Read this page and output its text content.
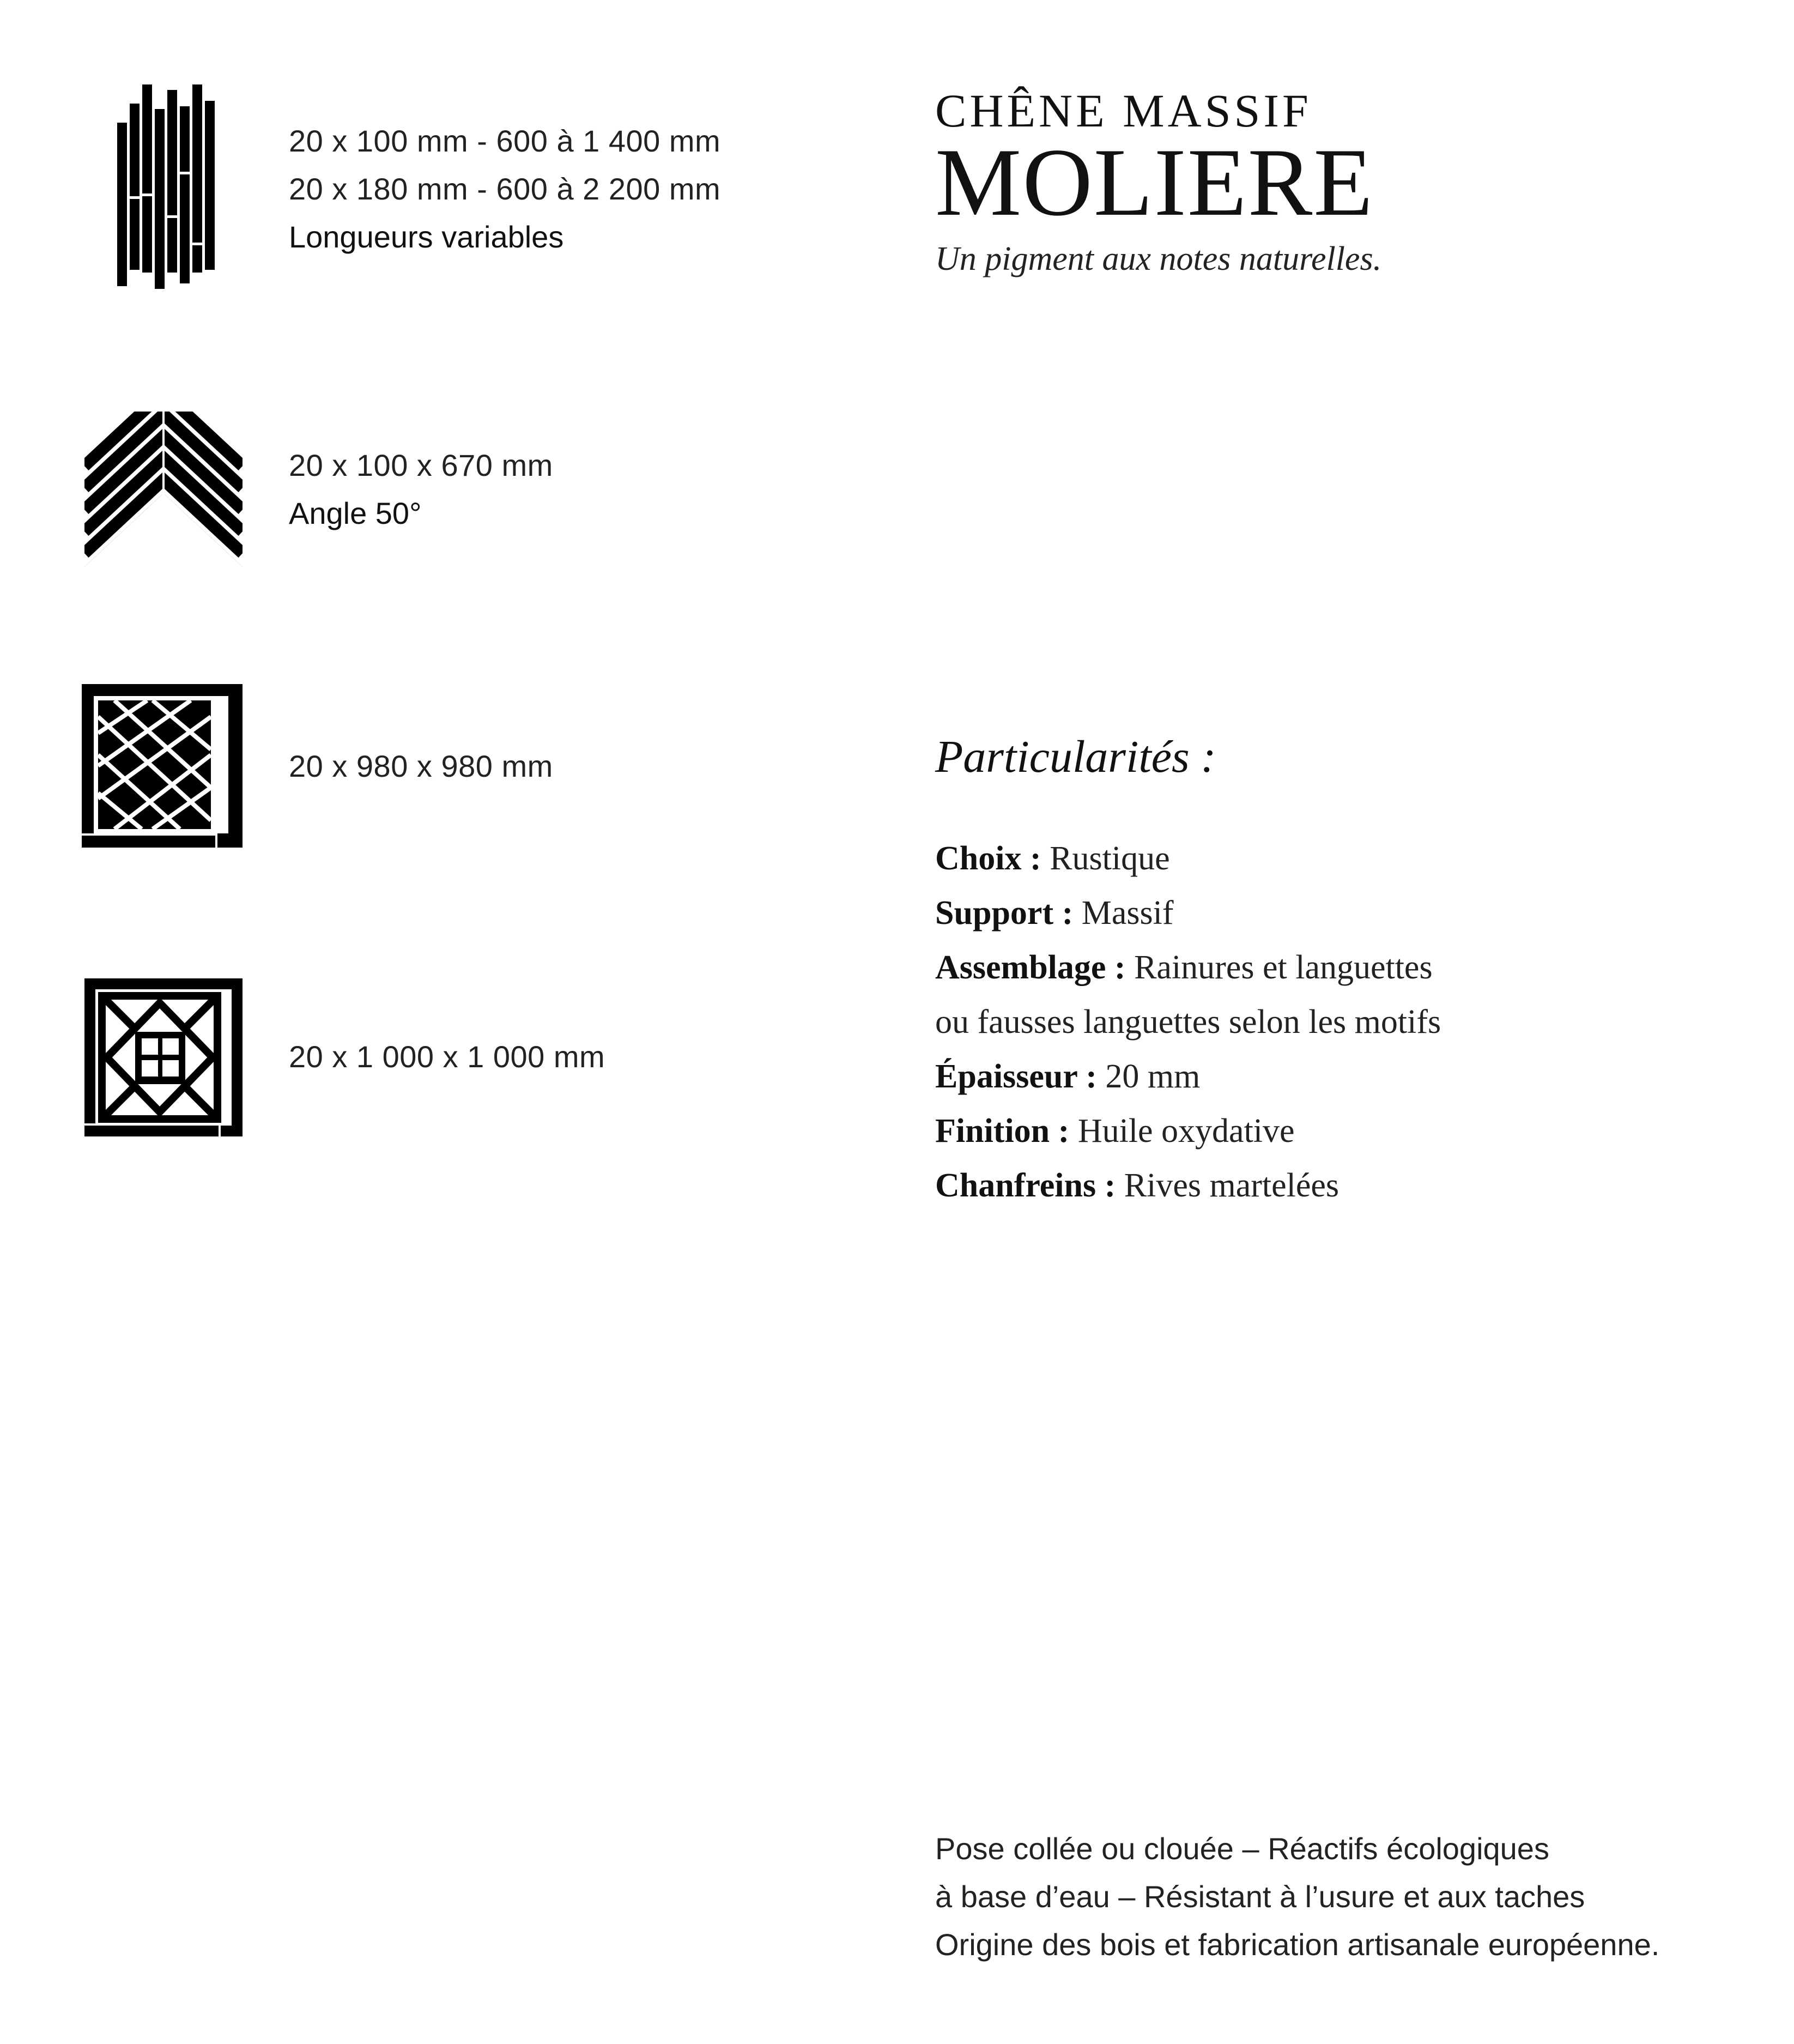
20 x 100 mm - 600 à 1 400 mm
20 x 180 mm - 600 à 2 200 mm
Longueurs variables
20 x 100 x 670 mm
Angle 50°
20 x 980 x 980 mm
20 x 1 000 x 1 000 mm
CHÊNE MASSIF
MOLIERE
Un pigment aux notes naturelles.
Particularités :
Choix : Rustique
Support : Massif
Assemblage : Rainures et languettes
ou fausses languettes selon les motifs
Épaisseur : 20 mm
Finition : Huile oxydative
Chanfreins : Rives martelées
Pose collée ou clouée – Réactifs écologiques
à base d’eau – Résistant à l’usure et aux taches
Origine des bois et fabrication artisanale européenne.
